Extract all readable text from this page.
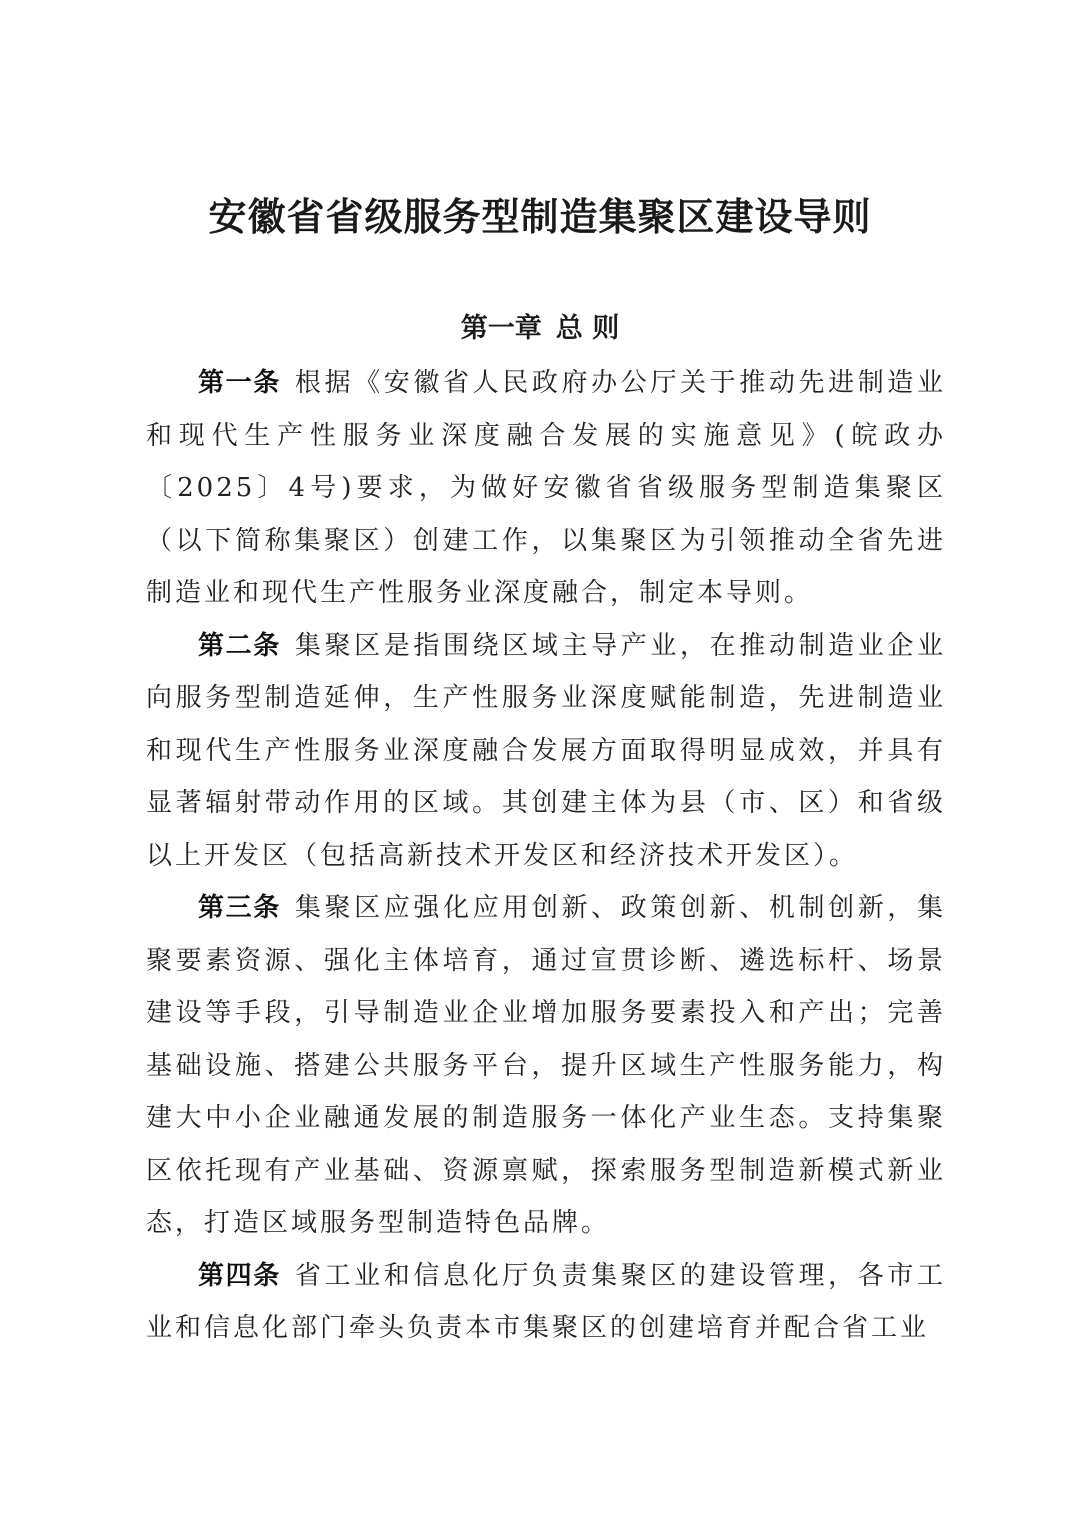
安徽省省级服务型制造集聚区建设导则
第一章 总 则

第一条 根据《安徽省人民政府办公厅关于推动先进制造业和现代生产性服务业深度融合发展的实施意见》(皖政办〔2025〕4号)要求，为做好安徽省省级服务型制造集聚区（以下简称集聚区）创建工作，以集聚区为引领推动全省先进制造业和现代生产性服务业深度融合，制定本导则。

第二条 集聚区是指围绕区域主导产业，在推动制造业企业向服务型制造延伸，生产性服务业深度赋能制造，先进制造业和现代生产性服务业深度融合发展方面取得明显成效，并具有显著辐射带动作用的区域。其创建主体为县（市、区）和省级以上开发区（包括高新技术开发区和经济技术开发区）。

第三条 集聚区应强化应用创新、政策创新、机制创新，集聚要素资源、强化主体培育，通过宣贯诊断、遴选标杆、场景建设等手段，引导制造业企业增加服务要素投入和产出；完善基础设施、搭建公共服务平台，提升区域生产性服务能力，构建大中小企业融通发展的制造服务一体化产业生态。支持集聚区依托现有产业基础、资源禀赋，探索服务型制造新模式新业态，打造区域服务型制造特色品牌。

第四条 省工业和信息化厅负责集聚区的建设管理，各市工业和信息化部门牵头负责本市集聚区的创建培育并配合省工业
